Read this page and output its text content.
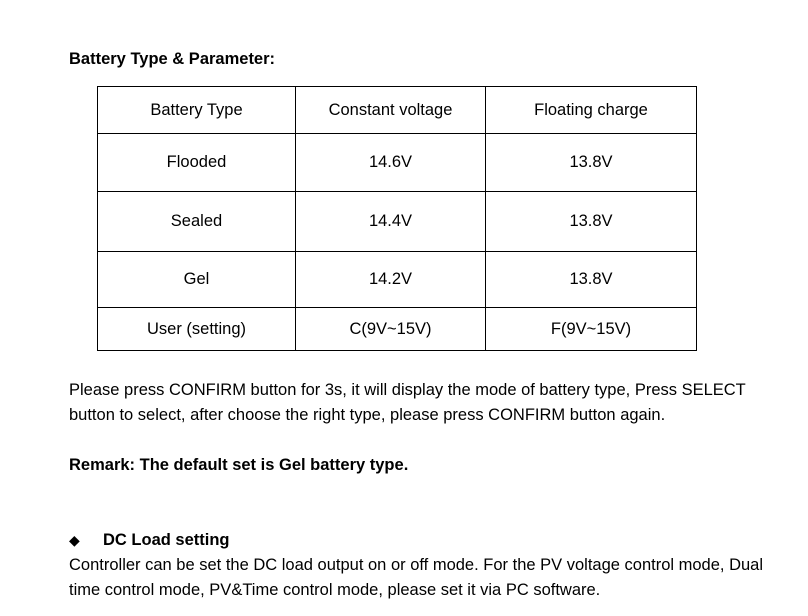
Battery Type & Parameter:
Battery Type	Constant voltage	Floating charge
Flooded	14.6V	13.8V
Sealed	14.4V	13.8V
Gel	14.2V	13.8V
User (setting)	C(9V~15V)	F(9V~15V)

Please press CONFIRM button for 3s, it will display the mode of battery type, Press SELECT button to select, after choose the right type, please press CONFIRM button again.

Remark: The default set is Gel battery type.

◆	DC Load setting

Controller can be set the DC load output on or off mode. For the PV voltage control mode, Dual time control mode, PV&Time control mode, please set it via PC software.
